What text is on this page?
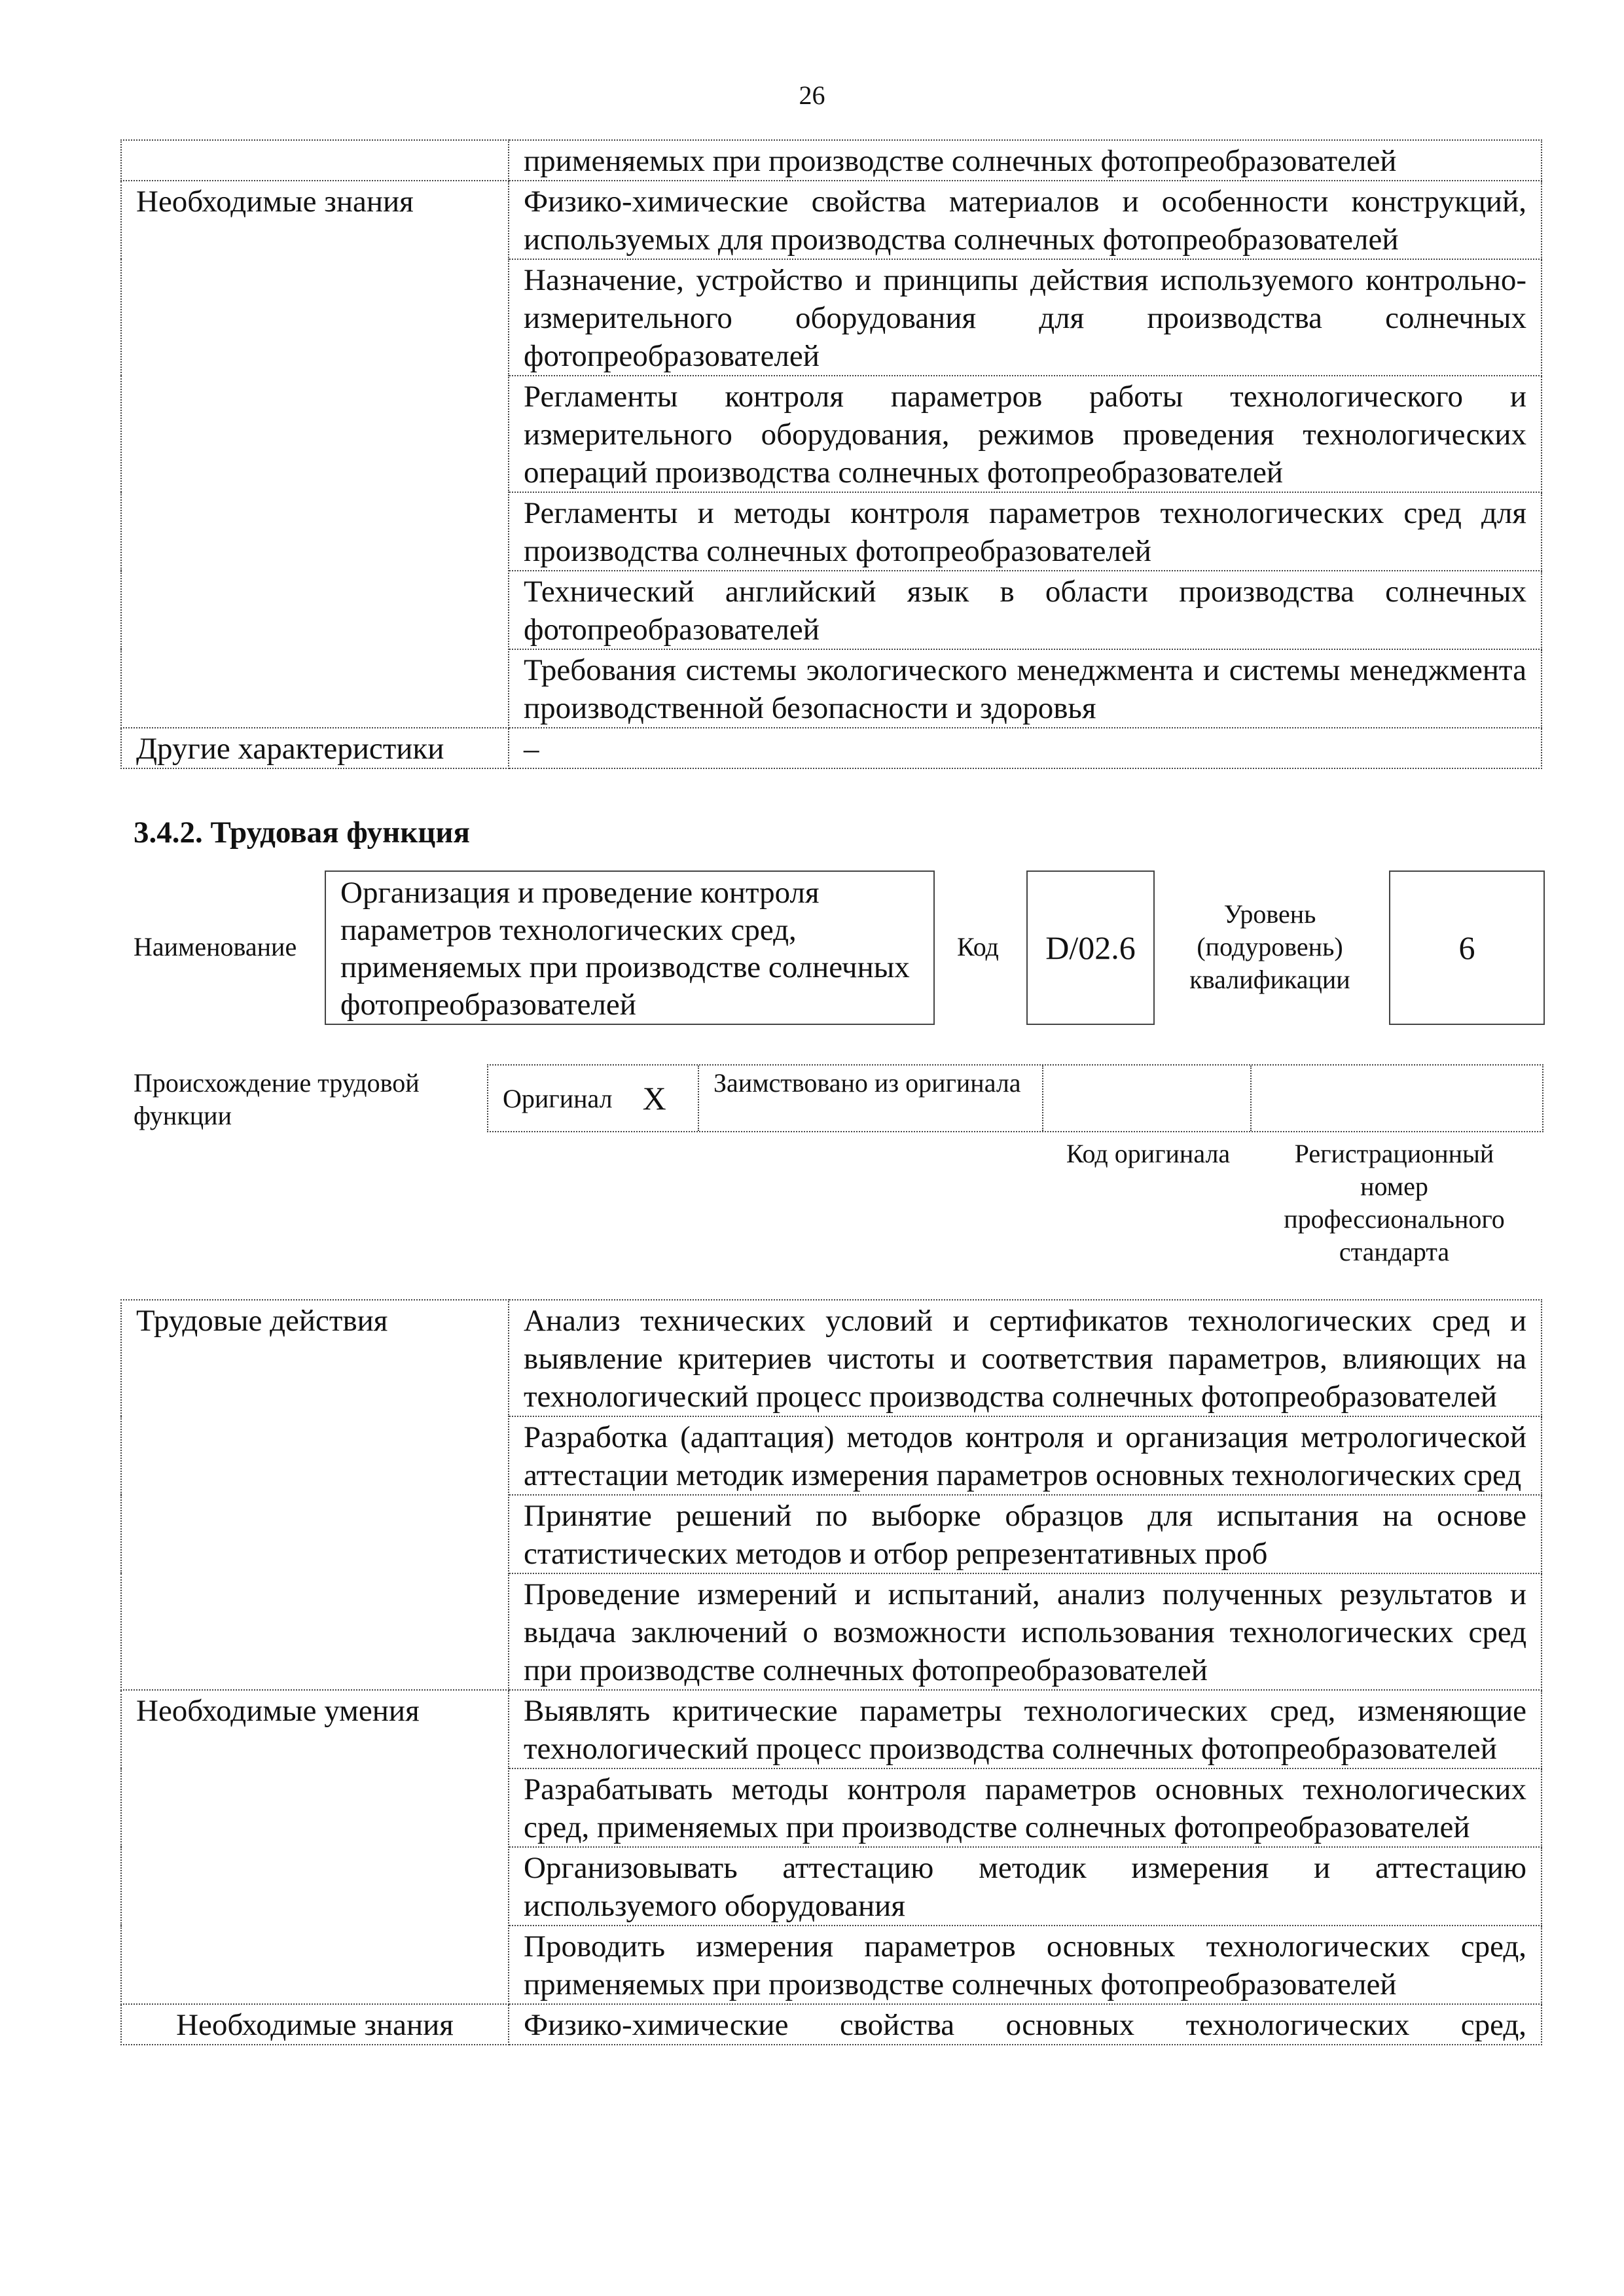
26
	применяемых при производстве солнечных фотопреобразователей
Необходимые знания	Физико-химические свойства материалов и особенности конструкций, используемых для производства солнечных фотопреобразователей
	Назначение, устройство и принципы действия используемого контрольно-измерительного оборудования для производства солнечных фотопреобразователей
	Регламенты контроля параметров работы технологического и измерительного оборудования, режимов проведения технологических операций производства солнечных фотопреобразователей
	Регламенты и методы контроля параметров технологических сред для производства солнечных фотопреобразователей
	Технический английский язык в области производства солнечных фотопреобразователей
	Требования системы экологического менеджмента и системы менеджмента производственной безопасности и здоровья
Другие характеристики	–
3.4.2. Трудовая функция
Наименование
Организация и проведение контроля параметров технологических сред, применяемых при производстве солнечных фотопреобразователей
Код D/02.6
Уровень (подуровень) квалификации
6
Происхождение трудовой функции
Оригинал X	Заимствовано из оригинала
Код оригинала	Регистрационный номер профессионального стандарта
Трудовые действия	Анализ технических условий и сертификатов технологических сред и выявление критериев чистоты и соответствия параметров, влияющих на технологический процесс производства солнечных фотопреобразователей
	Разработка (адаптация) методов контроля и организация метрологической аттестации методик измерения параметров основных технологических сред
	Принятие решений по выборке образцов для испытания на основе статистических методов и отбор репрезентативных проб
	Проведение измерений и испытаний, анализ полученных результатов и выдача заключений о возможности использования технологических сред при производстве солнечных фотопреобразователей
Необходимые умения	Выявлять критические параметры технологических сред, изменяющие технологический процесс производства солнечных фотопреобразователей
	Разрабатывать методы контроля параметров основных технологических сред, применяемых при производстве солнечных фотопреобразователей
	Организовывать аттестацию методик измерения и аттестацию используемого оборудования
	Проводить измерения параметров основных технологических сред, применяемых при производстве солнечных фотопреобразователей
Необходимые знания	Физико-химические свойства основных технологических сред,
